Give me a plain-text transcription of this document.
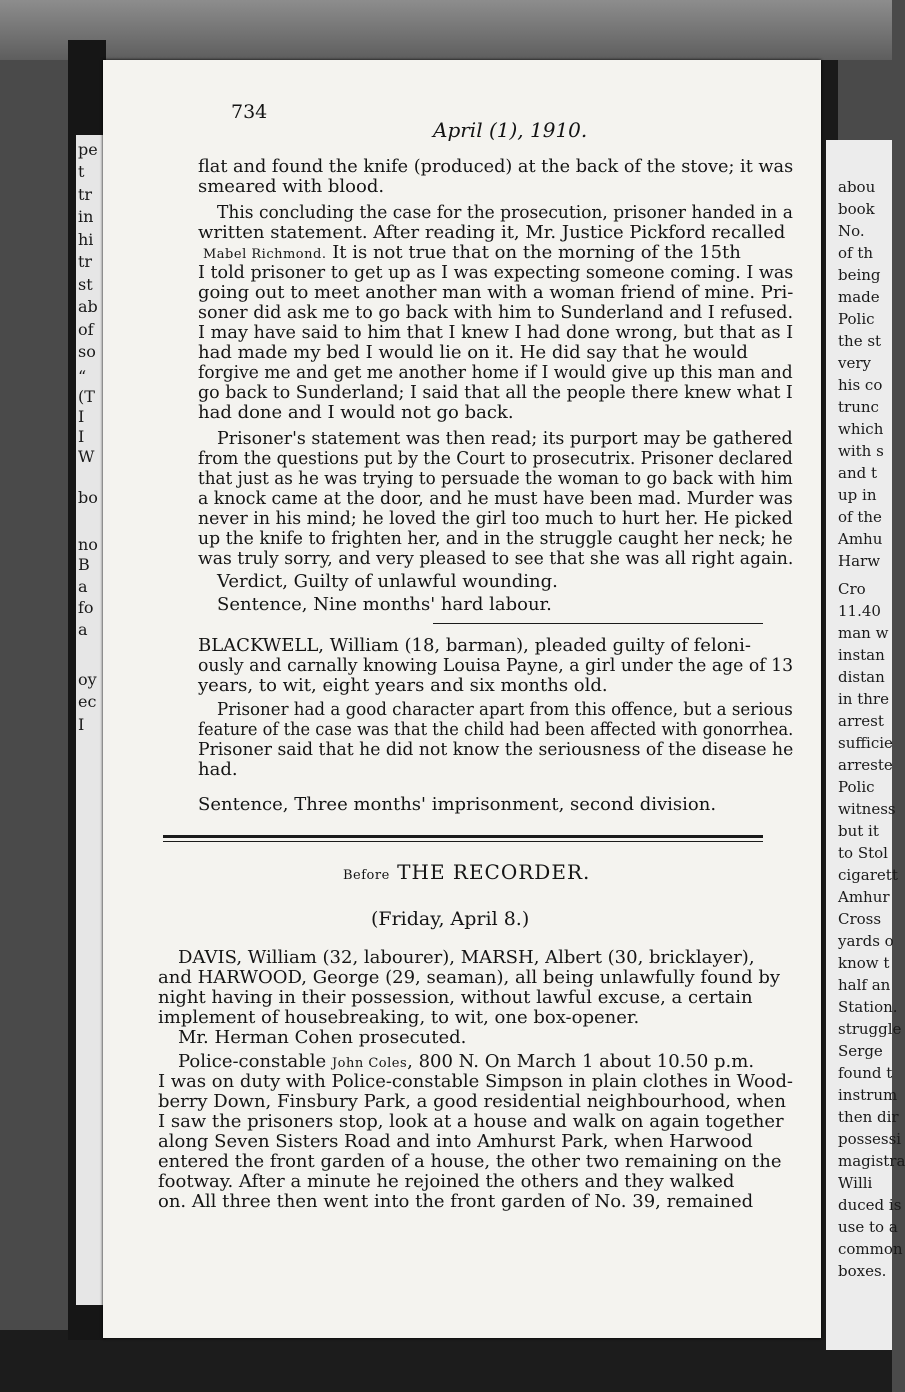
pe
t
tr
in
hi
tr
st
ab
of
so
“
(T
I
I
W
bo
no
B
a
fo
a
oy
ec
I
abou
book
No.
of th
being
made
Polic
the st
very
his co
trunc
which
with s
and t
up in
of the
Amhu
Harw
Cro
11.40
man w
instan
distan
in thre
arrest
sufficie
arreste
Polic
witness
but it
to Stol
cigarett
Amhur
Cross
yards o
know t
half an
Station.
struggle
Serge
found t
instrum
then dir
possessi
magistra
Willi
duced is
use to a
common
boxes.
734
April (1), 1910.
flat and found the knife (produced) at the back of the stove; it was
smeared with blood.
This concluding the case for the prosecution, prisoner handed in a
written statement. After reading it, Mr. Justice Pickford recalled
Mabel Richmond. It is not true that on the morning of the 15th
I told prisoner to get up as I was expecting someone coming. I was
going out to meet another man with a woman friend of mine. Pri-
soner did ask me to go back with him to Sunderland and I refused.
I may have said to him that I knew I had done wrong, but that as I
had made my bed I would lie on it. He did say that he would
forgive me and get me another home if I would give up this man and
go back to Sunderland; I said that all the people there knew what I
had done and I would not go back.
Prisoner's statement was then read; its purport may be gathered
from the questions put by the Court to prosecutrix. Prisoner declared
that just as he was trying to persuade the woman to go back with him
a knock came at the door, and he must have been mad. Murder was
never in his mind; he loved the girl too much to hurt her. He picked
up the knife to frighten her, and in the struggle caught her neck; he
was truly sorry, and very pleased to see that she was all right again.
Verdict, Guilty of unlawful wounding.
Sentence, Nine months' hard labour.
BLACKWELL, William (18, barman), pleaded guilty of feloni-
ously and carnally knowing Louisa Payne, a girl under the age of 13
years, to wit, eight years and six months old.
Prisoner had a good character apart from this offence, but a serious
feature of the case was that the child had been affected with gonorrhea.
Prisoner said that he did not know the seriousness of the disease he
had.
Sentence, Three months' imprisonment, second division.
Before THE RECORDER.
(Friday, April 8.)
DAVIS, William (32, labourer), MARSH, Albert (30, bricklayer),
and HARWOOD, George (29, seaman), all being unlawfully found by
night having in their possession, without lawful excuse, a certain
implement of housebreaking, to wit, one box-opener.
Mr. Herman Cohen prosecuted.
Police-constable John Coles, 800 N. On March 1 about 10.50 p.m.
I was on duty with Police-constable Simpson in plain clothes in Wood-
berry Down, Finsbury Park, a good residential neighbourhood, when
I saw the prisoners stop, look at a house and walk on again together
along Seven Sisters Road and into Amhurst Park, when Harwood
entered the front garden of a house, the other two remaining on the
footway. After a minute he rejoined the others and they walked
on. All three then went into the front garden of No. 39, remained
